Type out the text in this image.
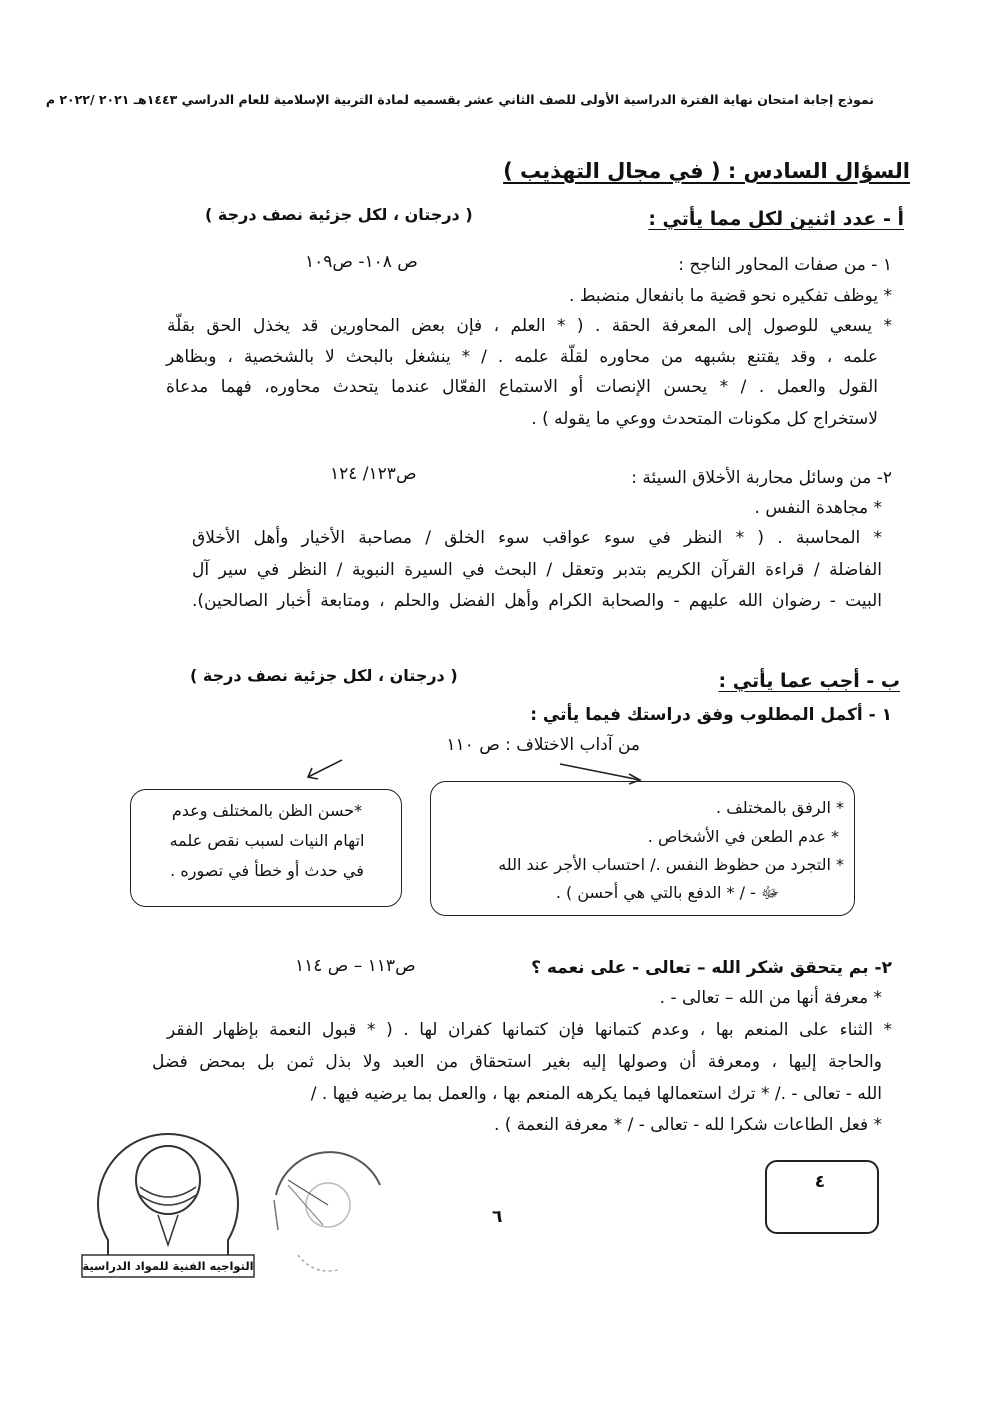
نموذج إجابة امتحان نهاية الفترة الدراسية الأولى للصف الثاني عشر بقسميه لمادة التربية الإسلامية للعام الدراسي ١٤٤٣هـ ٢٠٢١ /٢٠٢٢ م
السؤال السادس : ( في مجال التهذيب )
أ - عدد اثنين لكل مما يأتي :
( درجتان ، لكل جزئية نصف درجة )
١ - من صفات المحاور الناجح :
ص ١٠٨- ص١٠٩
* يوظف تفكيره نحو قضية ما بانفعال منضبط .
* يسعي للوصول إلى المعرفة الحقة . ( * العلم ، فإن بعض المحاورين قد يخذل الحق بقلّة
علمه ، وقد يقتنع بشبهه من محاوره لقلّة علمه . / * ينشغل بالبحث لا بالشخصية ، وبظاهر
القول والعمل . / * يحسن الإنصات أو الاستماع الفعّال عندما يتحدث محاوره، فهما مدعاة
لاستخراج كل مكونات المتحدث ووعي ما يقوله ) .
٢- من وسائل محاربة الأخلاق السيئة :
ص١٢٣/ ١٢٤
* مجاهدة النفس .
* المحاسبة . ( * النظر في سوء عواقب سوء الخلق / مصاحبة الأخيار وأهل الأخلاق
الفاضلة / قراءة القرآن الكريم بتدبر وتعقل / البحث في السيرة النبوية / النظر في سير آل
البيت - رضوان الله عليهم - والصحابة الكرام وأهل الفضل والحلم ، ومتابعة أخبار الصالحين).
ب - أجب عما يأتي :
( درجتان ، لكل جزئية نصف درجة )
١ - أكمل المطلوب وفق دراستك فيما يأتي :
من آداب الاختلاف : ص ١١٠
* الرفق بالمختلف .
* عدم الطعن في الأشخاص .
* التجرد من حظوظ النفس ./ احتساب الأجر عند الله
ﷻ - / * الدفع بالتي هي أحسن ) .
*حسن الظن بالمختلف وعدم
اتهام النيات لسبب نقص علمه
في حدث أو خطأ في تصوره .
٢- بم يتحقق شكر الله – تعالى - على نعمه ؟
ص١١٣ – ص ١١٤
* معرفة أنها من الله – تعالى - .
* الثناء على المنعم بها ، وعدم كتمانها فإن كتمانها كفران لها . ( * قبول النعمة بإظهار الفقر
والحاجة إليها ، ومعرفة أن وصولها إليه بغير استحقاق من العبد ولا بذل ثمن بل بمحض فضل
الله - تعالى - ./ * ترك استعمالها فيما يكرهه المنعم بها ، والعمل بما يرضيه فيها . /
* فعل الطاعات شكرا لله - تعالى - / * معرفة النعمة ) .
٤
٦
التواجيه الفنية للمواد الدراسية
